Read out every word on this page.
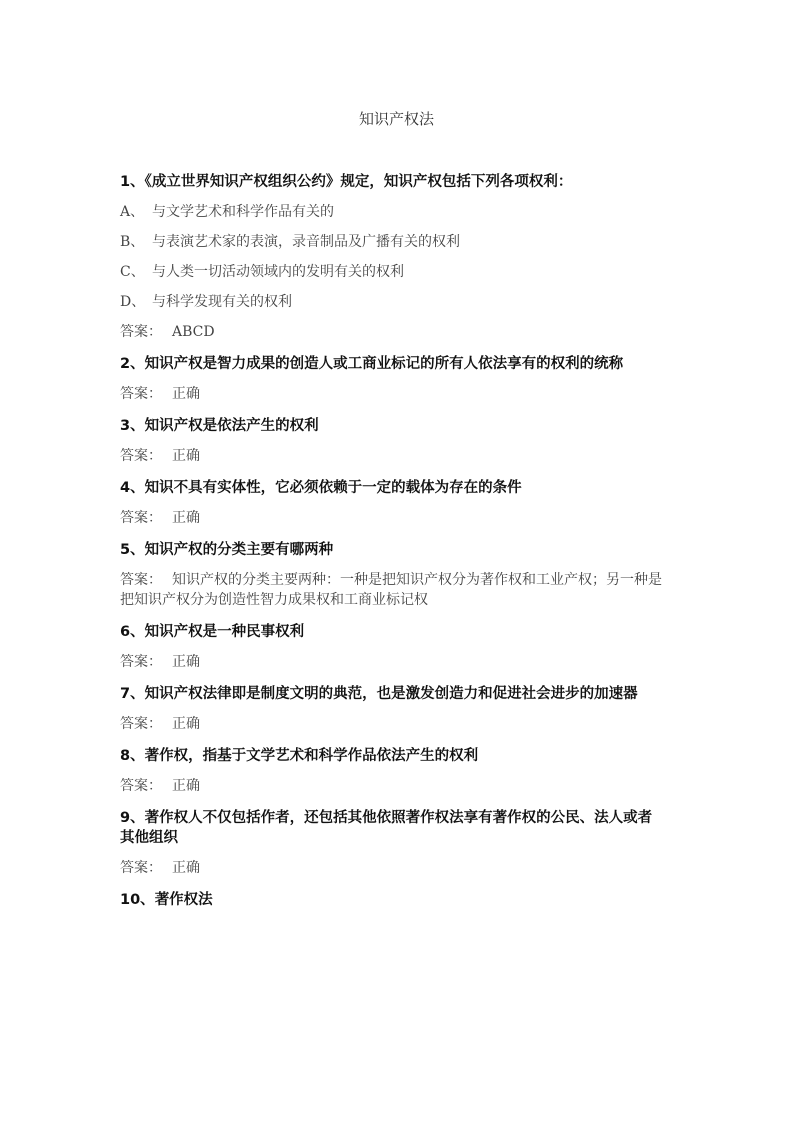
知识产权法
1、《成立世界知识产权组织公约》规定，知识产权包括下列各项权利：
A、 与文学艺术和科学作品有关的
B、 与表演艺术家的表演，录音制品及广播有关的权利
C、 与人类一切活动领域内的发明有关的权利
D、 与科学发现有关的权利
答案： ABCD
2、知识产权是智力成果的创造人或工商业标记的所有人依法享有的权利的统称
答案： 正确
3、知识产权是依法产生的权利
答案： 正确
4、知识不具有实体性，它必须依赖于一定的载体为存在的条件
答案： 正确
5、知识产权的分类主要有哪两种
答案： 知识产权的分类主要两种：一种是把知识产权分为著作权和工业产权；另一种是把知识产权分为创造性智力成果权和工商业标记权
6、知识产权是一种民事权利
答案： 正确
7、知识产权法律即是制度文明的典范，也是激发创造力和促进社会进步的加速器
答案： 正确
8、著作权，指基于文学艺术和科学作品依法产生的权利
答案： 正确
9、著作权人不仅包括作者，还包括其他依照著作权法享有著作权的公民、法人或者其他组织
答案： 正确
10、著作权法
